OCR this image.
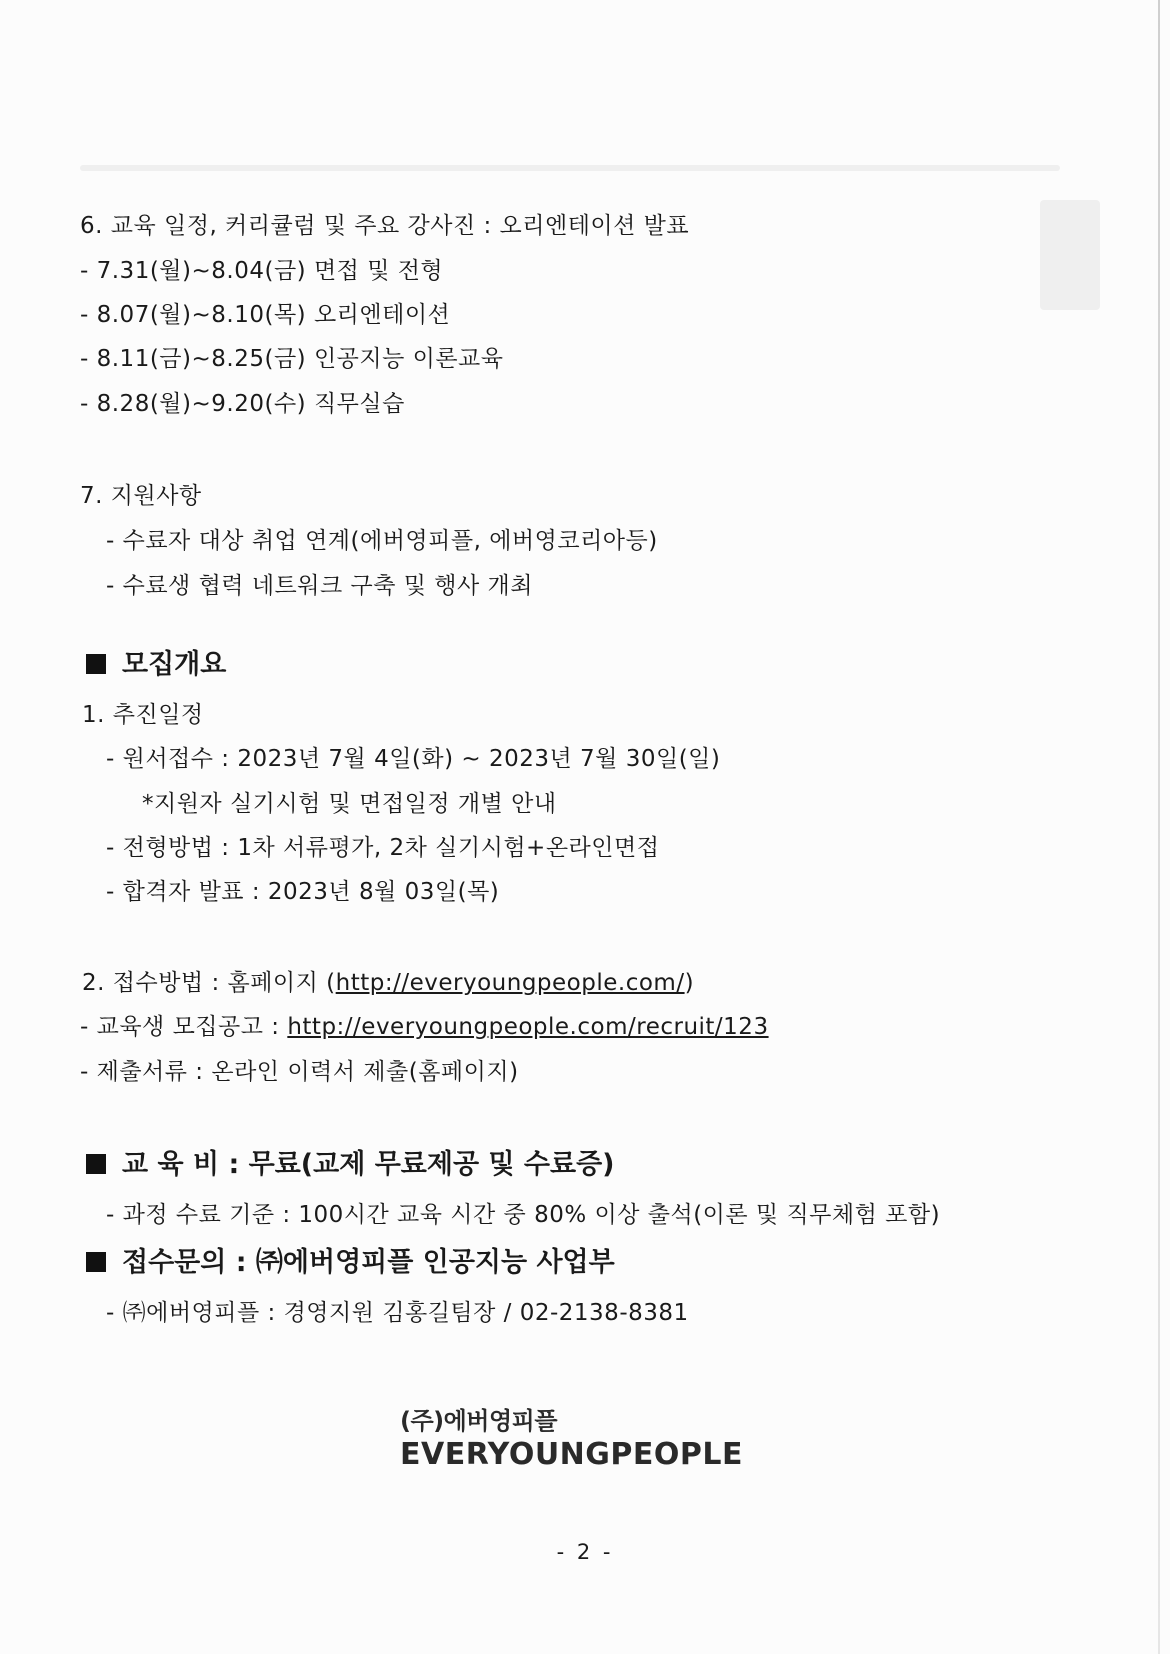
6. 교육 일정, 커리큘럼 및 주요 강사진 : 오리엔테이션 발표
- 7.31(월)~8.04(금) 면접 및 전형
- 8.07(월)~8.10(목) 오리엔테이션
- 8.11(금)~8.25(금) 인공지능 이론교육
- 8.28(월)~9.20(수) 직무실습
7. 지원사항
- 수료자 대상 취업 연계(에버영피플, 에버영코리아등)
- 수료생 협력 네트워크 구축 및 행사 개최
모집개요
1. 추진일정
- 원서접수 : 2023년 7월 4일(화) ~ 2023년 7월 30일(일)
*지원자 실기시험 및 면접일정 개별 안내
- 전형방법 : 1차 서류평가, 2차 실기시험+온라인면접
- 합격자 발표 : 2023년 8월 03일(목)
2. 접수방법 : 홈페이지 (http://everyoungpeople.com/)
- 교육생 모집공고 : http://everyoungpeople.com/recruit/123
- 제출서류 : 온라인 이력서 제출(홈페이지)
교 육 비 : 무료(교제 무료제공 및 수료증)
- 과정 수료 기준 : 100시간 교육 시간 중 80% 이상 출석(이론 및 직무체험 포함)
접수문의 : ㈜에버영피플 인공지능 사업부
- ㈜에버영피플 : 경영지원 김홍길팀장 / 02-2138-8381
(주)에버영피플
EVERYOUNGPEOPLE
- 2 -
